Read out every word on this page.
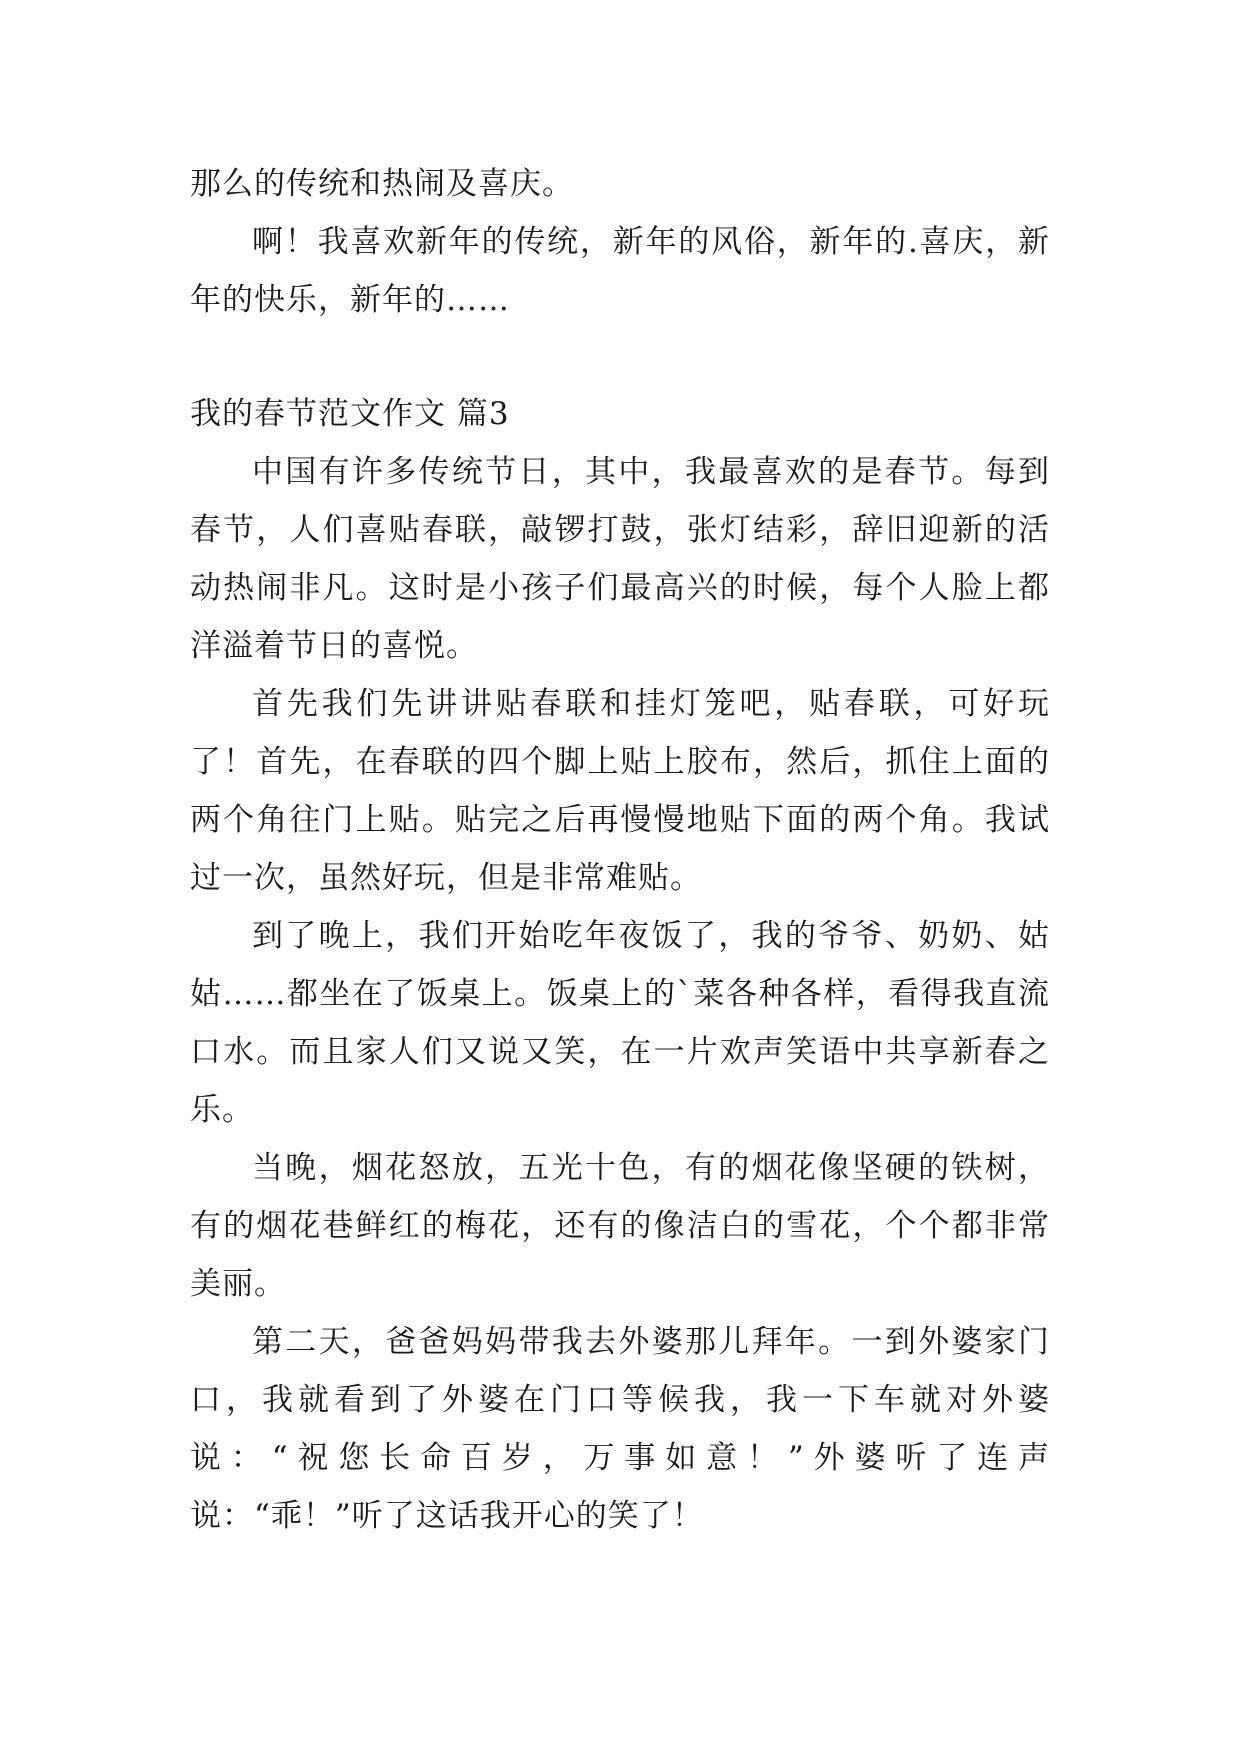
那么的传统和热闹及喜庆。

啊！我喜欢新年的传统，新年的风俗，新年的.喜庆，新年的快乐，新年的……

我的春节范文作文 篇3

中国有许多传统节日，其中，我最喜欢的是春节。每到春节，人们喜贴春联，敲锣打鼓，张灯结彩，辞旧迎新的活动热闹非凡。这时是小孩子们最高兴的时候，每个人脸上都洋溢着节日的喜悦。

首先我们先讲讲贴春联和挂灯笼吧，贴春联，可好玩了！首先，在春联的四个脚上贴上胶布，然后，抓住上面的两个角往门上贴。贴完之后再慢慢地贴下面的两个角。我试过一次，虽然好玩，但是非常难贴。

到了晚上，我们开始吃年夜饭了，我的爷爷、奶奶、姑姑……都坐在了饭桌上。饭桌上的`菜各种各样，看得我直流口水。而且家人们又说又笑，在一片欢声笑语中共享新春之乐。

当晚，烟花怒放，五光十色，有的烟花像坚硬的铁树，有的烟花巷鲜红的梅花，还有的像洁白的雪花，个个都非常美丽。

第二天，爸爸妈妈带我去外婆那儿拜年。一到外婆家门口，我就看到了外婆在门口等候我，我一下车就对外婆说：“祝您长命百岁，万事如意！”外婆听了连声说：“乖！”听了这话我开心的笑了！
